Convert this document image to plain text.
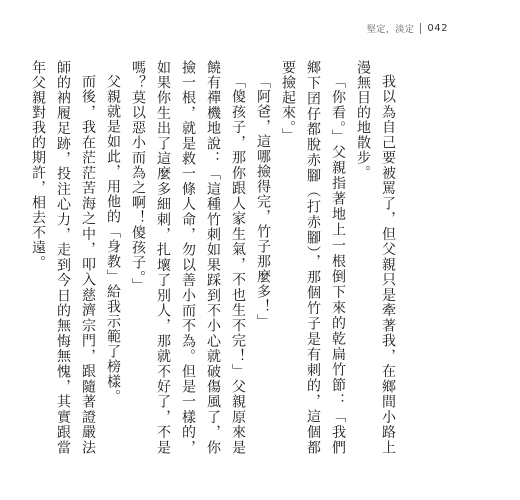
堅定，淡定 042

我以為自己要被罵了，但父親只是牽著我，在鄉間小路上漫無目的地散步。

「你看。」父親指著地上一根倒下來的乾扁竹節：「我們鄉下囝仔都脫赤腳（打赤腳），那個竹子是有刺的，這個都要撿起來。」

「阿爸，這哪撿得完，竹子那麼多！」

「傻孩子，那你跟人家生氣，不也生不完！」父親原來是饒有禪機地說：「這種竹刺如果踩到不小心就破傷風了，你撿一根，就是救一條人命，勿以善小而不為。但是一樣的，如果你生出了這麼多細刺，扎壞了別人，那就不好了，不是嗎？莫以惡小而為之啊！傻孩子。」

父親就是如此，用他的「身教」給我示範了榜樣。

而後，我在茫茫苦海之中，叩入慈濟宗門，跟隨著證嚴法師的衲履足跡，投注心力，走到今日的無悔無愧，其實跟當年父親對我的期許，相去不遠。
